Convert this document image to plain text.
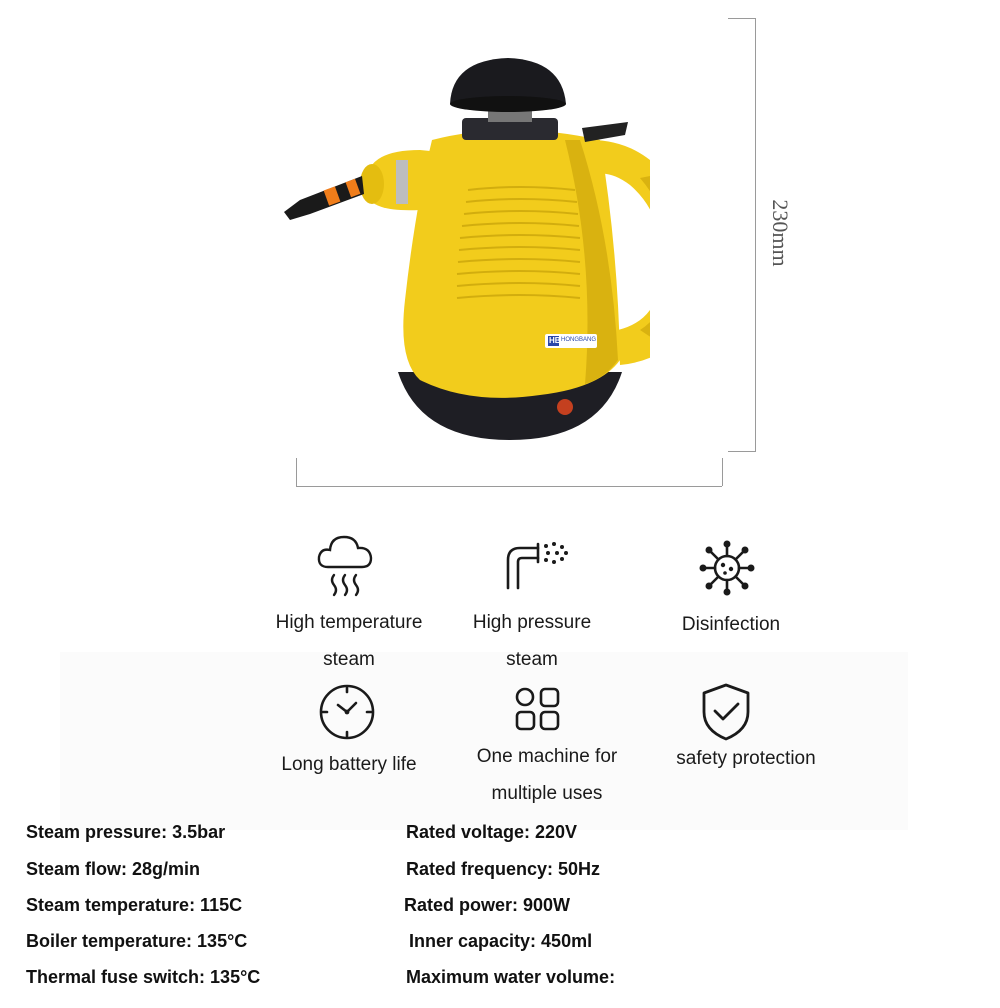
HB HONGBANG
230mm
High temperature
steam
High pressure
steam
Disinfection
Long battery life	One machine for
multiple uses
safety protection
Steam pressure: 3.5bar
Steam flow: 28g/min
Steam temperature: 115C
Boiler temperature: 135°C
Thermal fuse switch: 135°C
Rated voltage: 220V
Rated frequency: 50Hz
Rated power: 900W
Inner capacity: 450ml
Maximum water volume:
